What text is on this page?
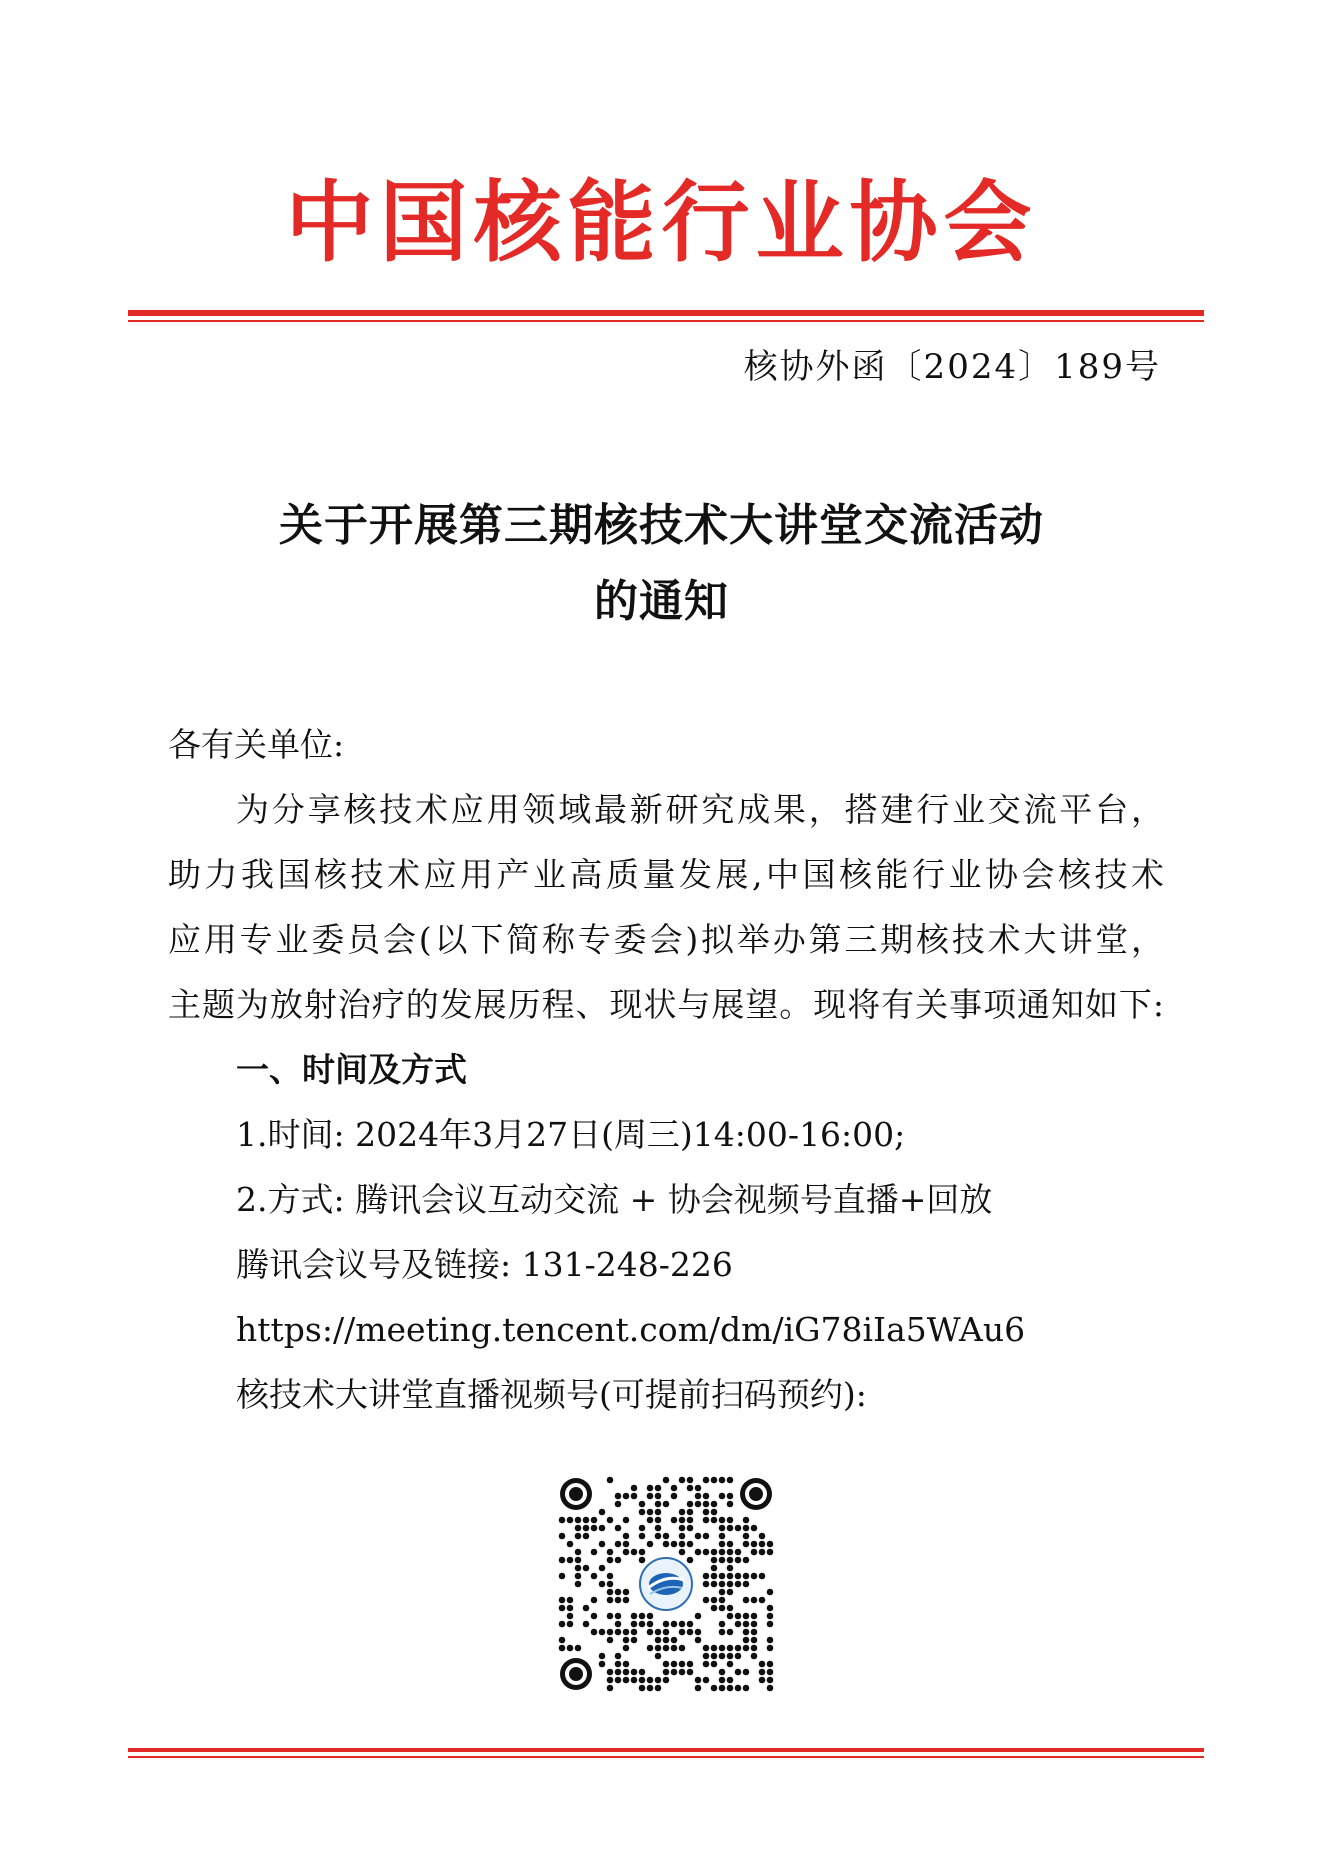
中国核能行业协会
核协外函〔2024〕189号
关于开展第三期核技术大讲堂交流活动
的通知
各有关单位:
为分享核技术应用领域最新研究成果，搭建行业交流平台，
助力我国核技术应用产业高质量发展,中国核能行业协会核技术
应用专业委员会(以下简称专委会)拟举办第三期核技术大讲堂，
主题为放射治疗的发展历程、现状与展望。现将有关事项通知如下:
一、时间及方式
1.时间: 2024年3月27日(周三)14:00-16:00;
2.方式: 腾讯会议互动交流 + 协会视频号直播+回放
腾讯会议号及链接: 131-248-226
https://meeting.tencent.com/dm/iG78iIa5WAu6
核技术大讲堂直播视频号(可提前扫码预约):
